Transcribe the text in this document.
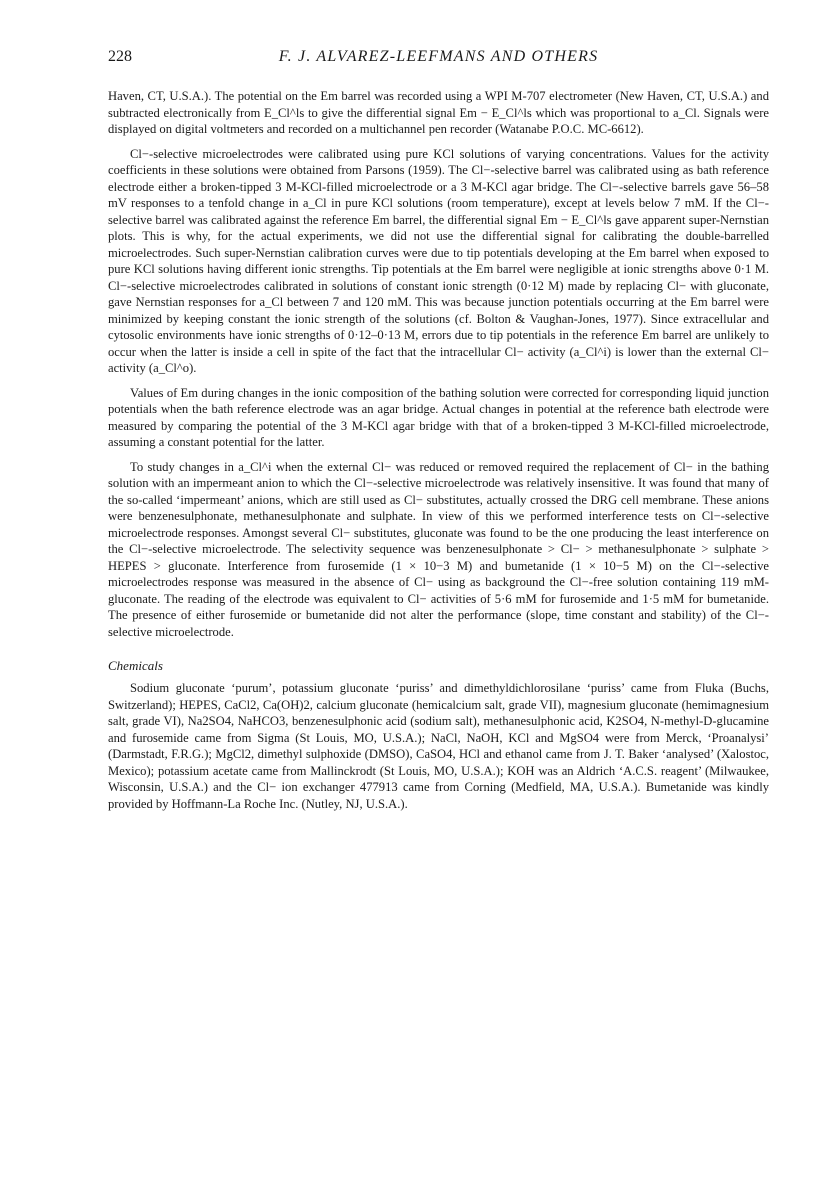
228	F. J. ALVAREZ-LEEFMANS AND OTHERS

Haven, CT, U.S.A.). The potential on the Em barrel was recorded using a WPI M-707 electrometer (New Haven, CT, U.S.A.) and subtracted electronically from E_Cl^ls to give the differential signal Em − E_Cl^ls which was proportional to a_Cl. Signals were displayed on digital voltmeters and recorded on a multichannel pen recorder (Watanabe P.O.C. MC-6612).

Cl−-selective microelectrodes were calibrated using pure KCl solutions of varying concentrations. Values for the activity coefficients in these solutions were obtained from Parsons (1959). The Cl−-selective barrel was calibrated using as bath reference electrode either a broken-tipped 3 M-KCl-filled microelectrode or a 3 M-KCl agar bridge. The Cl−-selective barrels gave 56–58 mV responses to a tenfold change in a_Cl in pure KCl solutions (room temperature), except at levels below 7 mM. If the Cl−-selective barrel was calibrated against the reference Em barrel, the differential signal Em − E_Cl^ls gave apparent super-Nernstian plots. This is why, for the actual experiments, we did not use the differential signal for calibrating the double-barrelled microelectrodes. Such super-Nernstian calibration curves were due to tip potentials developing at the Em barrel when exposed to pure KCl solutions having different ionic strengths. Tip potentials at the Em barrel were negligible at ionic strengths above 0·1 M. Cl−-selective microelectrodes calibrated in solutions of constant ionic strength (0·12 M) made by replacing Cl− with gluconate, gave Nernstian responses for a_Cl between 7 and 120 mM. This was because junction potentials occurring at the Em barrel were minimized by keeping constant the ionic strength of the solutions (cf. Bolton & Vaughan-Jones, 1977). Since extracellular and cytosolic environments have ionic strengths of 0·12–0·13 M, errors due to tip potentials in the reference Em barrel are unlikely to occur when the latter is inside a cell in spite of the fact that the intracellular Cl− activity (a_Cl^i) is lower than the external Cl− activity (a_Cl^o).

Values of Em during changes in the ionic composition of the bathing solution were corrected for corresponding liquid junction potentials when the bath reference electrode was an agar bridge. Actual changes in potential at the reference bath electrode were measured by comparing the potential of the 3 M-KCl agar bridge with that of a broken-tipped 3 M-KCl-filled microelectrode, assuming a constant potential for the latter.

To study changes in a_Cl^i when the external Cl− was reduced or removed required the replacement of Cl− in the bathing solution with an impermeant anion to which the Cl−-selective microelectrode was relatively insensitive. It was found that many of the so-called ‘impermeant’ anions, which are still used as Cl− substitutes, actually crossed the DRG cell membrane. These anions were benzenesulphonate, methanesulphonate and sulphate. In view of this we performed interference tests on Cl−-selective microelectrode responses. Amongst several Cl− substitutes, gluconate was found to be the one producing the least interference on the Cl−-selective microelectrode. The selectivity sequence was benzenesulphonate > Cl− > methanesulphonate > sulphate > HEPES > gluconate. Interference from furosemide (1 × 10−3 M) and bumetanide (1 × 10−5 M) on the Cl−-selective microelectrodes response was measured in the absence of Cl− using as background the Cl−-free solution containing 119 mM-gluconate. The reading of the electrode was equivalent to Cl− activities of 5·6 mM for furosemide and 1·5 mM for bumetanide. The presence of either furosemide or bumetanide did not alter the performance (slope, time constant and stability) of the Cl−-selective microelectrode.

Chemicals

Sodium gluconate ‘purum’, potassium gluconate ‘puriss’ and dimethyldichlorosilane ‘puriss’ came from Fluka (Buchs, Switzerland); HEPES, CaCl2, Ca(OH)2, calcium gluconate (hemicalcium salt, grade VII), magnesium gluconate (hemimagnesium salt, grade VI), Na2SO4, NaHCO3, benzenesulphonic acid (sodium salt), methanesulphonic acid, K2SO4, N-methyl-D-glucamine and furosemide came from Sigma (St Louis, MO, U.S.A.); NaCl, NaOH, KCl and MgSO4 were from Merck, ‘Proanalysi’ (Darmstadt, F.R.G.); MgCl2, dimethyl sulphoxide (DMSO), CaSO4, HCl and ethanol came from J. T. Baker ‘analysed’ (Xalostoc, Mexico); potassium acetate came from Mallinckrodt (St Louis, MO, U.S.A.); KOH was an Aldrich ‘A.C.S. reagent’ (Milwaukee, Wisconsin, U.S.A.) and the Cl− ion exchanger 477913 came from Corning (Medfield, MA, U.S.A.). Bumetanide was kindly provided by Hoffmann-La Roche Inc. (Nutley, NJ, U.S.A.).
